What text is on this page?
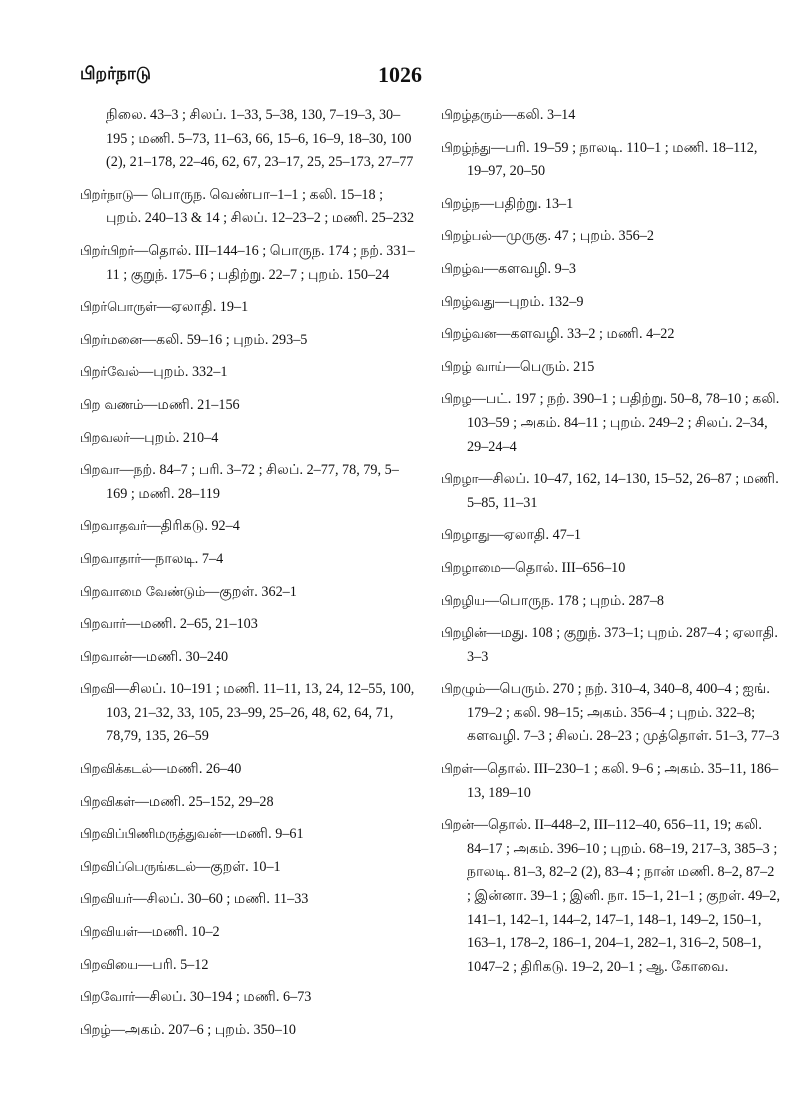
பிறர்நாடு	1026
நிலை. 43–3 ; சிலப். 1–33, 5–38, 130, 7–19–3, 30–195 ; மணி. 5–73, 11–63, 66, 15–6, 16–9, 18–30, 100 (2), 21–178, 22–46, 62, 67, 23–17, 25, 25–173, 27–77
பிறர்நாடு— பொருந. வெண்பா–1–1 ; கலி. 15–18 ; புறம். 240–13 & 14 ; சிலப். 12–23–2 ; மணி. 25–232
பிறர்பிறர்—தொல். III–144–16 ; பொருந. 174 ; நற். 331–11 ; குறுந். 175–6 ; பதிற்று. 22–7 ; புறம். 150–24
பிறர்பொருள்—ஏலாதி. 19–1
பிறர்மனை—கலி. 59–16 ; புறம். 293–5
பிறர்வேல்—புறம். 332–1
பிற வணம்—மணி. 21–156
பிறவலர்—புறம். 210–4
பிறவா—நற். 84–7 ; பரி. 3–72 ; சிலப். 2–77, 78, 79, 5–169 ; மணி. 28–119
பிறவாதவர்—திரிகடு. 92–4
பிறவாதார்—நாலடி. 7–4
பிறவாமை வேண்டும்—குறள். 362–1
பிறவார்—மணி. 2–65, 21–103
பிறவான்—மணி. 30–240
பிறவி—சிலப். 10–191 ; மணி. 11–11, 13, 24, 12–55, 100, 103, 21–32, 33, 105, 23–99, 25–26, 48, 62, 64, 71, 78,79, 135, 26–59
பிறவிக்கடல்—மணி. 26–40
பிறவிகள்—மணி. 25–152, 29–28
பிறவிப்பிணிமருத்துவன்—மணி. 9–61
பிறவிப்பெருங்கடல்—குறள். 10–1
பிறவியர்—சிலப். 30–60 ; மணி. 11–33
பிறவியள்—மணி. 10–2
பிறவியை—பரி. 5–12
பிறவோர்—சிலப். 30–194 ; மணி. 6–73
பிறழ்—அகம். 207–6 ; புறம். 350–10
பிறழ்தரும்—கலி. 3–14
பிறழ்ந்து—பரி. 19–59 ; நாலடி. 110–1 ; மணி. 18–112, 19–97, 20–50
பிறழ்ந—பதிற்று. 13–1
பிறழ்பல்—முருகு. 47 ; புறம். 356–2
பிறழ்வ—களவழி. 9–3
பிறழ்வது—புறம். 132–9
பிறழ்வன—களவழி. 33–2 ; மணி. 4–22
பிறழ் வாய்—பெரும். 215
பிறழ—பட். 197 ; நற். 390–1 ; பதிற்று. 50–8, 78–10 ; கலி. 103–59 ; அகம். 84–11 ; புறம். 249–2 ; சிலப். 2–34, 29–24–4
பிறழா—சிலப். 10–47, 162, 14–130, 15–52, 26–87 ; மணி. 5–85, 11–31
பிறழாது—ஏலாதி. 47–1
பிறழாமை—தொல். III–656–10
பிறழிய—பொருந. 178 ; புறம். 287–8
பிறழின்—மது. 108 ; குறுந். 373–1; புறம். 287–4 ; ஏலாதி. 3–3
பிறழும்—பெரும். 270 ; நற். 310–4, 340–8, 400–4 ; ஐங். 179–2 ; கலி. 98–15; அகம். 356–4 ; புறம். 322–8; களவழி. 7–3 ; சிலப். 28–23 ; முத்தொள். 51–3, 77–3
பிறள்—தொல். III–230–1 ; கலி. 9–6 ; அகம். 35–11, 186–13, 189–10
பிறன்—தொல். II–448–2, III–112–40, 656–11, 19; கலி. 84–17 ; அகம். 396–10 ; புறம். 68–19, 217–3, 385–3 ; நாலடி. 81–3, 82–2 (2), 83–4 ; நான் மணி. 8–2, 87–2 ; இன்னா. 39–1 ; இனி. நா. 15–1, 21–1 ; குறள். 49–2, 141–1, 142–1, 144–2, 147–1, 148–1, 149–2, 150–1, 163–1, 178–2, 186–1, 204–1, 282–1, 316–2, 508–1, 1047–2 ; திரிகடு. 19–2, 20–1 ; ஆ. கோவை.
